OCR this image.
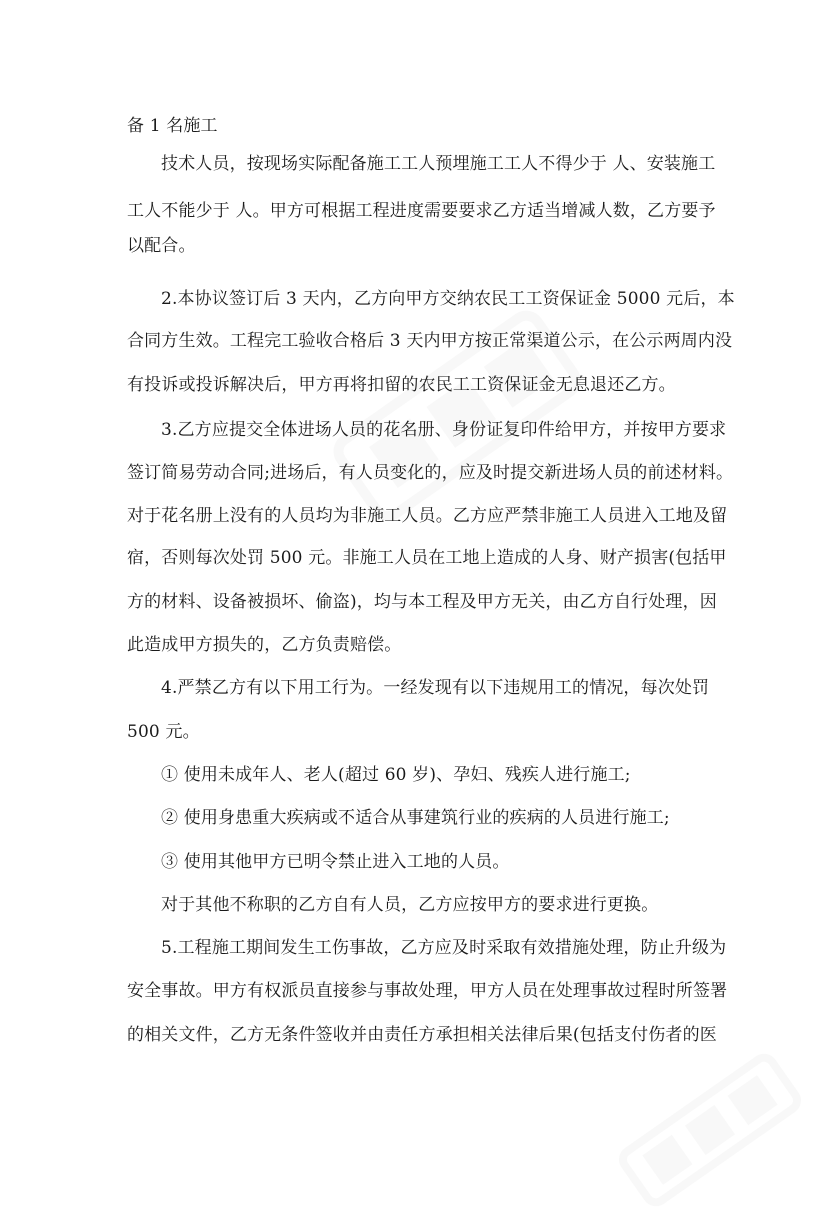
备 1 名施工
技术人员，按现场实际配备施工工人预埋施工工人不得少于 人、安装施工
工人不能少于 人。甲方可根据工程进度需要要求乙方适当增减人数，乙方要予
以配合。
2.本协议签订后 3 天内，乙方向甲方交纳农民工工资保证金 5000 元后，本
合同方生效。工程完工验收合格后 3 天内甲方按正常渠道公示，在公示两周内没
有投诉或投诉解决后，甲方再将扣留的农民工工资保证金无息退还乙方。
3.乙方应提交全体进场人员的花名册、身份证复印件给甲方，并按甲方要求
签订简易劳动合同;进场后，有人员变化的，应及时提交新进场人员的前述材料。
对于花名册上没有的人员均为非施工人员。乙方应严禁非施工人员进入工地及留
宿，否则每次处罚 500 元。非施工人员在工地上造成的人身、财产损害(包括甲
方的材料、设备被损坏、偷盗)，均与本工程及甲方无关，由乙方自行处理，因
此造成甲方损失的，乙方负责赔偿。
4.严禁乙方有以下用工行为。一经发现有以下违规用工的情况，每次处罚
500 元。
① 使用未成年人、老人(超过 60 岁)、孕妇、残疾人进行施工;
② 使用身患重大疾病或不适合从事建筑行业的疾病的人员进行施工;
③ 使用其他甲方已明令禁止进入工地的人员。
对于其他不称职的乙方自有人员，乙方应按甲方的要求进行更换。
5.工程施工期间发生工伤事故，乙方应及时采取有效措施处理，防止升级为
安全事故。甲方有权派员直接参与事故处理，甲方人员在处理事故过程时所签署
的相关文件，乙方无条件签收并由责任方承担相关法律后果(包括支付伤者的医
